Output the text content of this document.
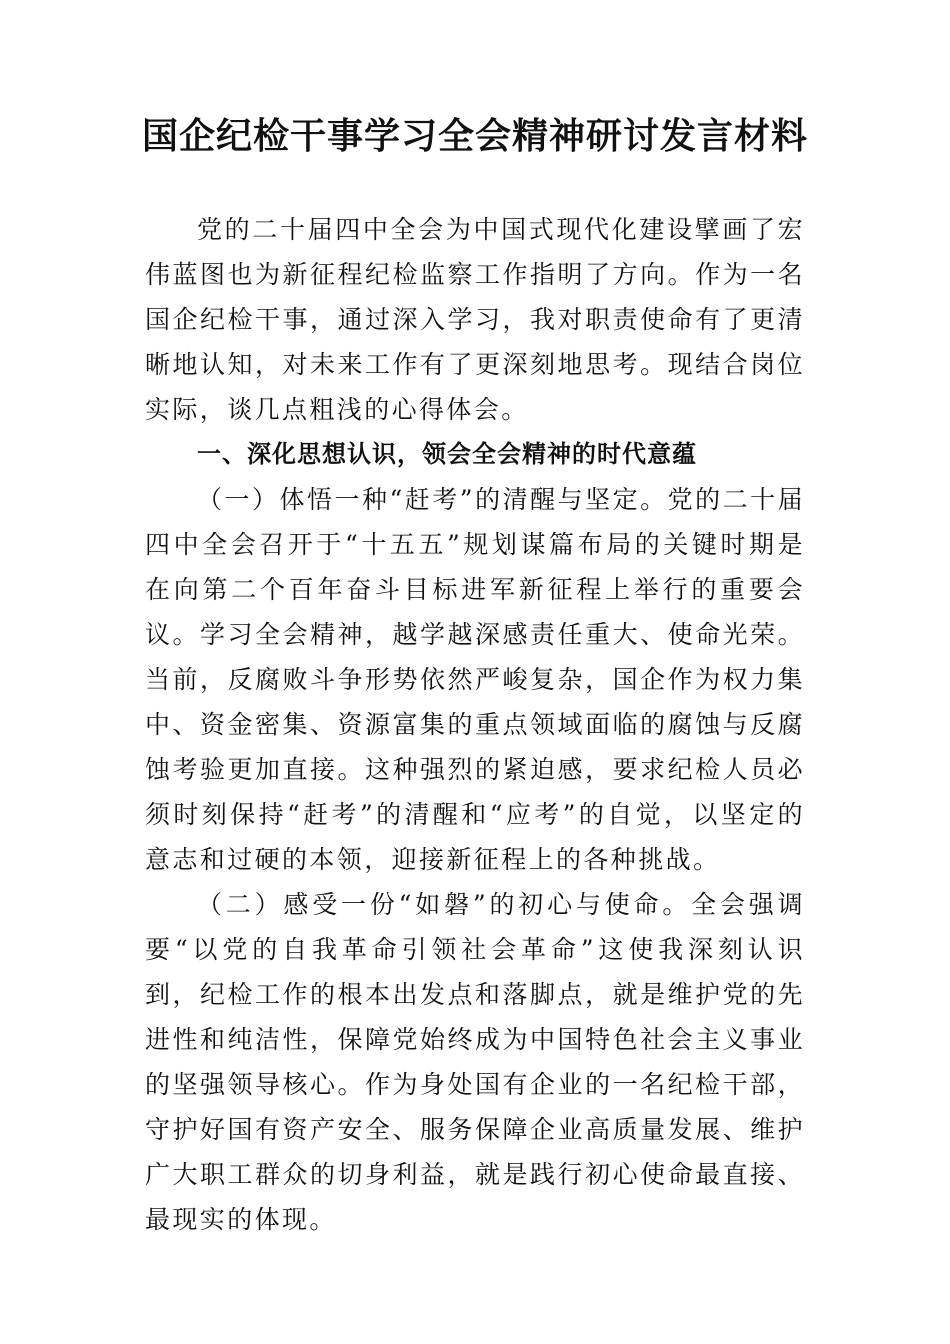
国企纪检干事学习全会精神研讨发言材料

党的二十届四中全会为中国式现代化建设擘画了宏伟蓝图也为新征程纪检监察工作指明了方向。作为一名国企纪检干事，通过深入学习，我对职责使命有了更清晰地认知，对未来工作有了更深刻地思考。现结合岗位实际，谈几点粗浅的心得体会。

一、深化思想认识，领会全会精神的时代意蕴

（一）体悟一种“赶考”的清醒与坚定。党的二十届四中全会召开于“十五五”规划谋篇布局的关键时期是在向第二个百年奋斗目标进军新征程上举行的重要会议。学习全会精神，越学越深感责任重大、使命光荣。当前，反腐败斗争形势依然严峻复杂，国企作为权力集中、资金密集、资源富集的重点领域面临的腐蚀与反腐蚀考验更加直接。这种强烈的紧迫感，要求纪检人员必须时刻保持“赶考”的清醒和“应考”的自觉，以坚定的意志和过硬的本领，迎接新征程上的各种挑战。

（二）感受一份“如磐”的初心与使命。全会强调要“以党的自我革命引领社会革命”这使我深刻认识到，纪检工作的根本出发点和落脚点，就是维护党的先进性和纯洁性，保障党始终成为中国特色社会主义事业的坚强领导核心。作为身处国有企业的一名纪检干部，守护好国有资产安全、服务保障企业高质量发展、维护广大职工群众的切身利益，就是践行初心使命最直接、最现实的体现。
